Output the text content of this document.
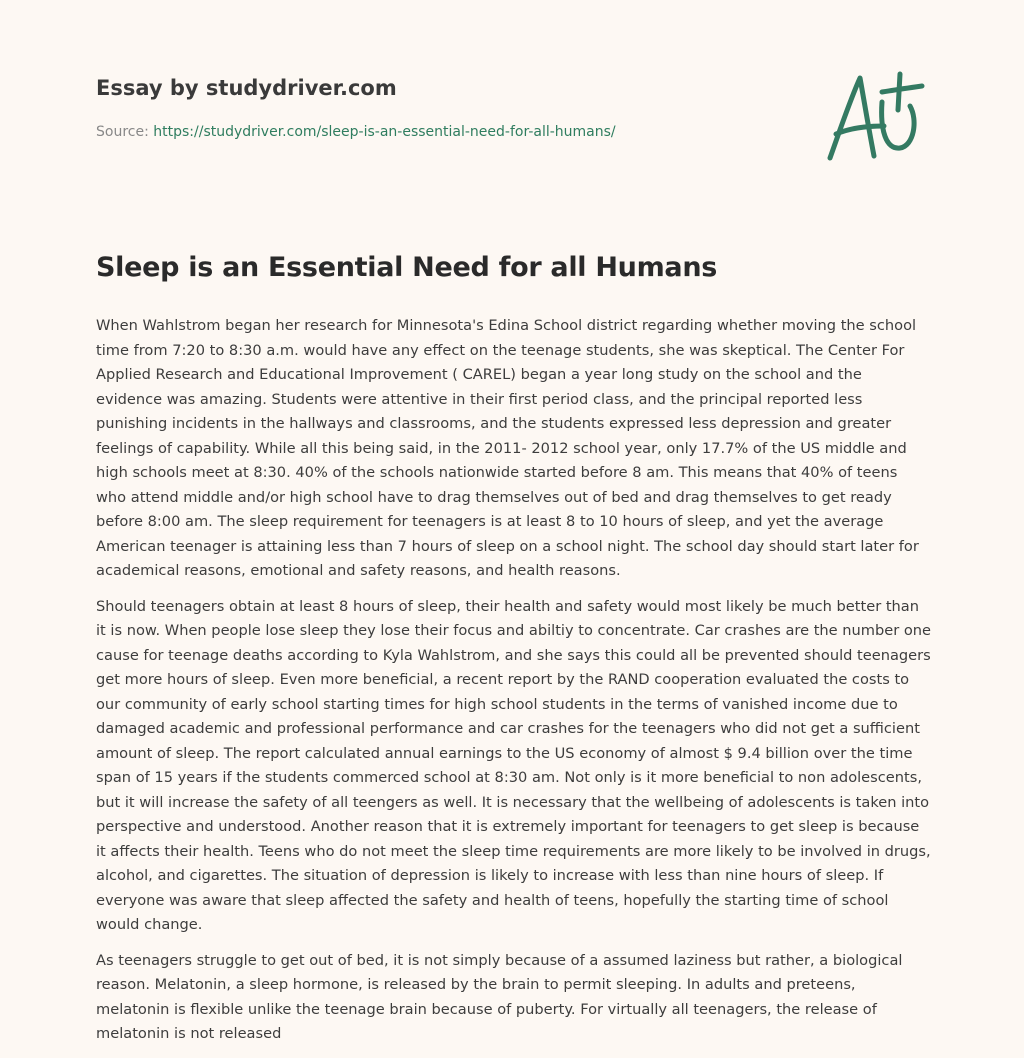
Essay by studydriver.com
Source: https://studydriver.com/sleep-is-an-essential-need-for-all-humans/
Sleep is an Essential Need for all Humans

When Wahlstrom began her research for Minnesota's Edina School district regarding whether moving the school time from 7:20 to 8:30 a.m. would have any effect on the teenage students, she was skeptical. The Center For Applied Research and Educational Improvement ( CAREL) began a year long study on the school and the evidence was amazing. Students were attentive in their first period class, and the principal reported less punishing incidents in the hallways and classrooms, and the students expressed less depression and greater feelings of capability. While all this being said, in the 2011- 2012 school year, only 17.7% of the US middle and high schools meet at 8:30. 40% of the schools nationwide started before 8 am. This means that 40% of teens who attend middle and/or high school have to drag themselves out of bed and drag themselves to get ready before 8:00 am. The sleep requirement for teenagers is at least 8 to 10 hours of sleep, and yet the average American teenager is attaining less than 7 hours of sleep on a school night. The school day should start later for academical reasons, emotional and safety reasons, and health reasons.

Should teenagers obtain at least 8 hours of sleep, their health and safety would most likely be much better than it is now. When people lose sleep they lose their focus and abiltiy to concentrate. Car crashes are the number one cause for teenage deaths according to Kyla Wahlstrom, and she says this could all be prevented should teenagers get more hours of sleep. Even more beneficial, a recent report by the RAND cooperation evaluated the costs to our community of early school starting times for high school students in the terms of vanished income due to damaged academic and professional performance and car crashes for the teenagers who did not get a sufficient amount of sleep. The report calculated annual earnings to the US economy of almost $ 9.4 billion over the time span of 15 years if the students commerced school at 8:30 am. Not only is it more beneficial to non adolescents, but it will increase the safety of all teengers as well. It is necessary that the wellbeing of adolescents is taken into perspective and understood. Another reason that it is extremely important for teenagers to get sleep is because it affects their health. Teens who do not meet the sleep time requirements are more likely to be involved in drugs, alcohol, and cigarettes. The situation of depression is likely to increase with less than nine hours of sleep. If everyone was aware that sleep affected the safety and health of teens, hopefully the starting time of school would change.

As teenagers struggle to get out of bed, it is not simply because of a assumed laziness but rather, a biological reason. Melatonin, a sleep hormone, is released by the brain to permit sleeping. In adults and preteens, melatonin is flexible unlike the teenage brain because of puberty. For virtually all teenagers, the release of melatonin is not released
